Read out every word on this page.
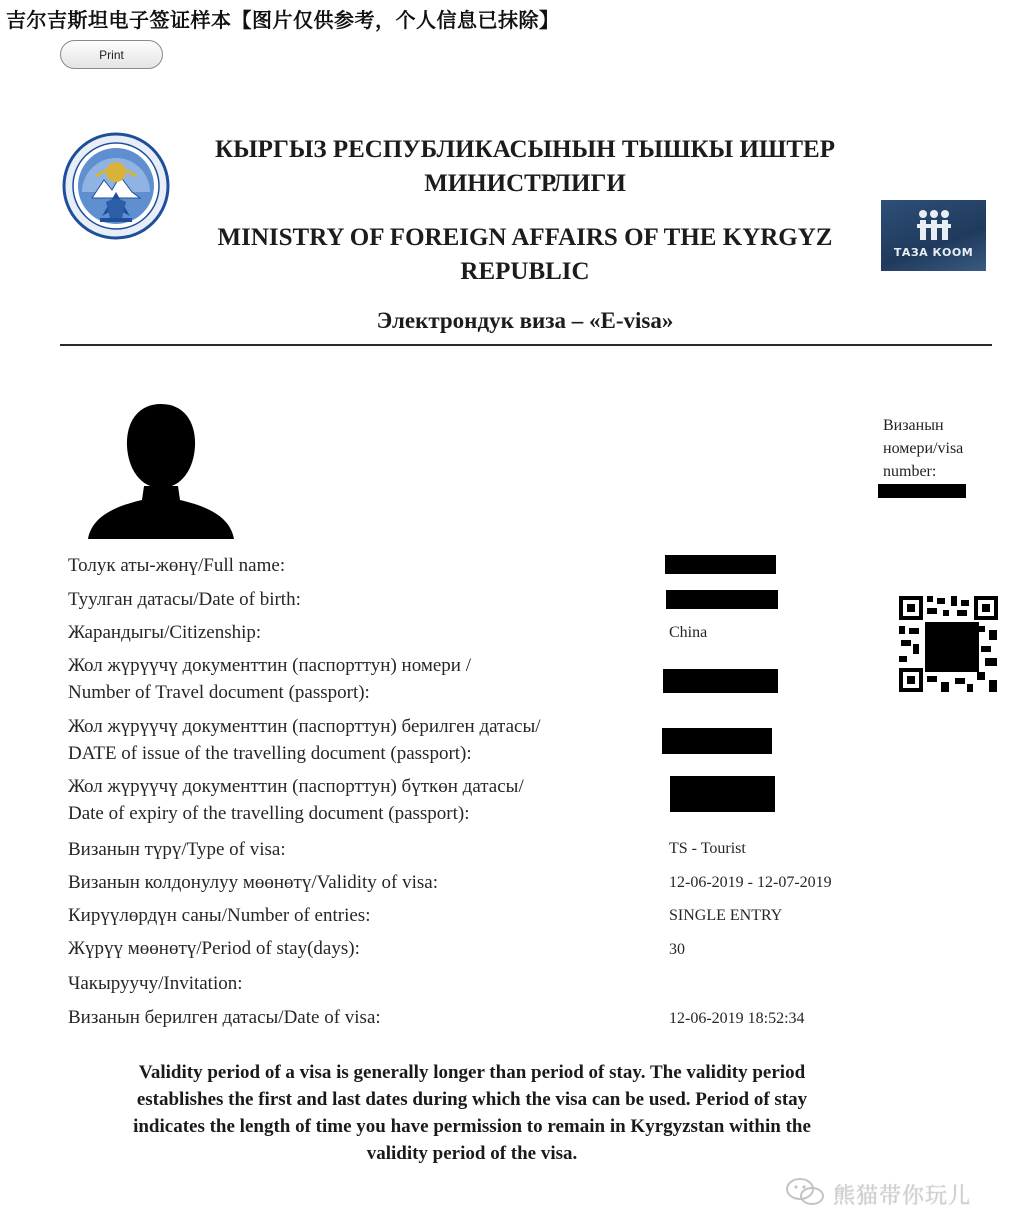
吉尔吉斯坦电子签证样本【图片仅供参考，个人信息已抹除】
Print
ТАЗА КООМ
КЫРГЫЗ РЕСПУБЛИКАСЫНЫН ТЫШКЫ ИШТЕР
МИНИСТРЛИГИ
MINISTRY OF FOREIGN AFFAIRS OF THE KYRGYZ
REPUBLIC
Электрондук виза – «E-visa»
Визанын
номери/visa
number:
Толук аты-жөнү/Full name:
Туулган датасы/Date of birth:
Жарандыгы/Citizenship:	China
Жол жүрүүчү документтин (паспорттун) номери /
Number of Travel document (passport):
Жол жүрүүчү документтин (паспорттун) берилген датасы/
DATE of issue of the travelling document (passport):
Жол жүрүүчү документтин (паспорттун) бүткөн датасы/
Date of expiry of the travelling document (passport):
Визанын түрү/Type of visa:	TS - Tourist
Визанын колдонулуу мөөнөтү/Validity of visa:	12-06-2019 - 12-07-2019
Кирүүлөрдүн саны/Number of entries:	SINGLE ENTRY
Жүрүү мөөнөтү/Period of stay(days):	30
Чакыруучу/Invitation:
Визанын берилген датасы/Date of visa:	12-06-2019 18:52:34

Validity period of a visa is generally longer than period of stay. The validity period
establishes the first and last dates during which the visa can be used. Period of stay
indicates the length of time you have permission to remain in Kyrgyzstan within the
validity period of the visa.

熊猫带你玩儿
